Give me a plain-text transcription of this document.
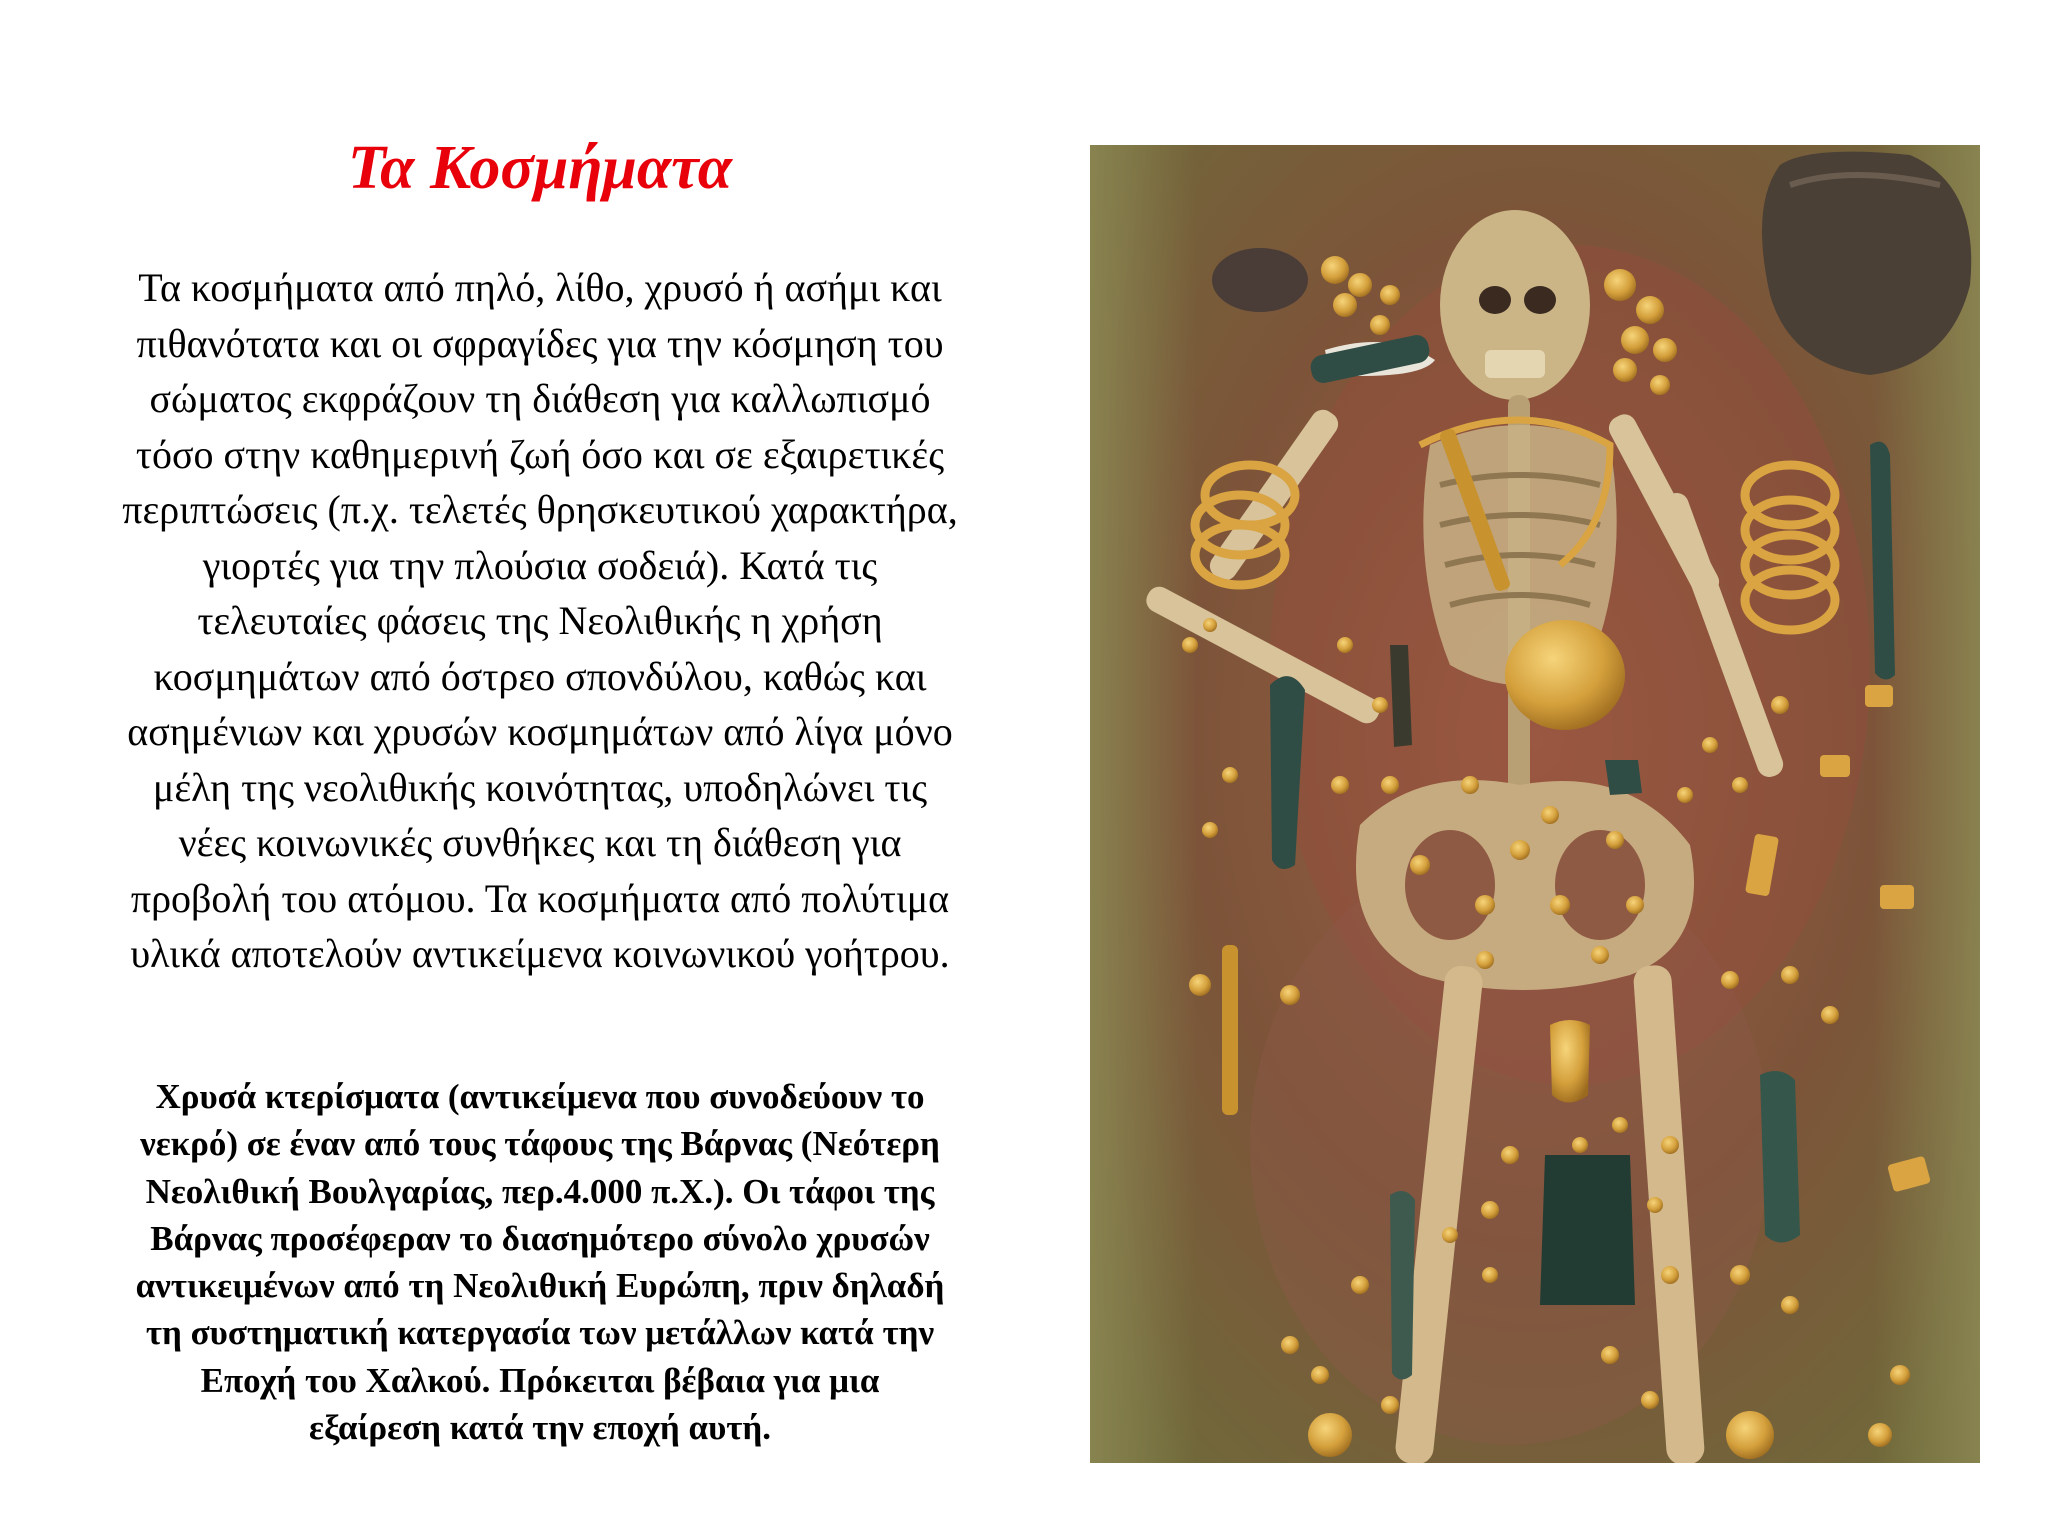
Τα Κοσμήματα
Τα κοσμήματα από πηλό, λίθο, χρυσό ή ασήμι και
πιθανότατα και οι σφραγίδες για την κόσμηση του
σώματος εκφράζουν τη διάθεση για καλλωπισμό
τόσο στην καθημερινή ζωή όσο και σε εξαιρετικές
περιπτώσεις (π.χ. τελετές θρησκευτικού χαρακτήρα,
γιορτές για την πλούσια σοδειά). Κατά τις
τελευταίες φάσεις της Νεολιθικής η χρήση
κοσμημάτων από όστρεο σπονδύλου, καθώς και
ασημένιων και χρυσών κοσμημάτων από λίγα μόνο
μέλη της νεολιθικής κοινότητας, υποδηλώνει τις
νέες κοινωνικές συνθήκες και τη διάθεση για
προβολή του ατόμου. Τα κοσμήματα από πολύτιμα
υλικά αποτελούν αντικείμενα κοινωνικού γοήτρου.
Χρυσά κτερίσματα (αντικείμενα που συνοδεύουν το
νεκρό) σε έναν από τους τάφους της Βάρνας (Νεότερη
Νεολιθική Βουλγαρίας, περ.4.000 π.Χ.). Οι τάφοι της
Βάρνας προσέφεραν το διασημότερο σύνολο χρυσών
αντικειμένων από τη Νεολιθική Ευρώπη, πριν δηλαδή
τη συστηματική κατεργασία των μετάλλων κατά την
Εποχή του Χαλκού. Πρόκειται βέβαια για μια
εξαίρεση κατά την εποχή αυτή.
